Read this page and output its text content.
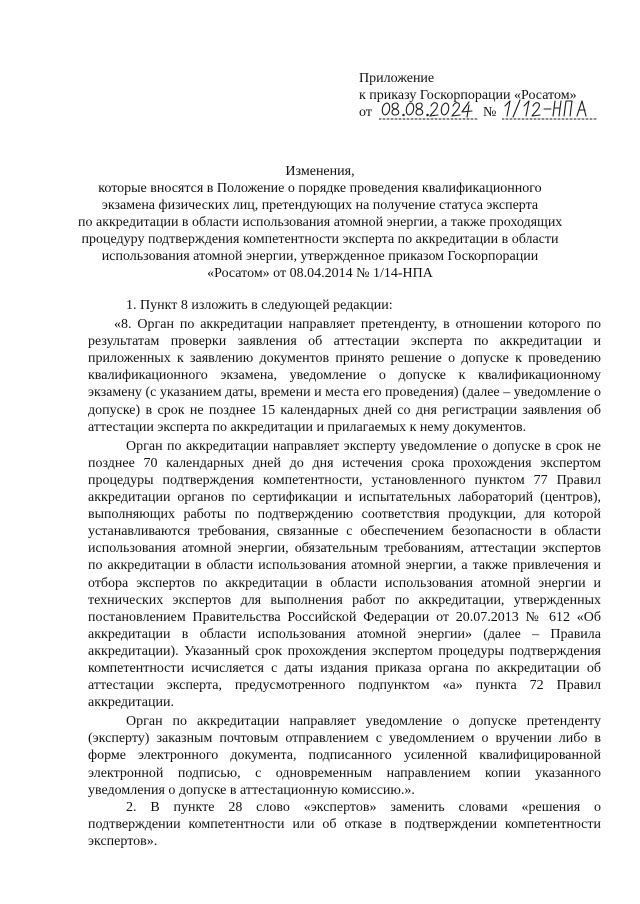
Приложение
к приказу Госкорпорации «Росатом»
от	№
Изменения,
которые вносятся в Положение о порядке проведения квалификационного
экзамена физических лиц, претендующих на получение статуса эксперта
по аккредитации в области использования атомной энергии, а также проходящих
процедуру подтверждения компетентности эксперта по аккредитации в области
использования атомной энергии, утвержденное приказом Госкорпорации
«Росатом» от 08.04.2014 № 1/14-НПА

1. Пункт 8 изложить в следующей редакции:

«8. Орган по аккредитации направляет претенденту, в отношении которого по результатам проверки заявления об аттестации эксперта по аккредитации и приложенных к заявлению документов принято решение о допуске к проведению квалификационного экзамена, уведомление о допуске к квалификационному экзамену (с указанием даты, времени и места его проведения) (далее – уведомление о допуске) в срок не позднее 15 календарных дней со дня регистрации заявления об аттестации эксперта по аккредитации и прилагаемых к нему документов.

Орган по аккредитации направляет эксперту уведомление о допуске в срок не позднее 70 календарных дней до дня истечения срока прохождения экспертом процедуры подтверждения компетентности, установленного пунктом 77 Правил аккредитации органов по сертификации и испытательных лабораторий (центров), выполняющих работы по подтверждению соответствия продукции, для которой устанавливаются требования, связанные с обеспечением безопасности в области использования атомной энергии, обязательным требованиям, аттестации экспертов по аккредитации в области использования атомной энергии, а также привлечения и отбора экспертов по аккредитации в области использования атомной энергии и технических экспертов для выполнения работ по аккредитации, утвержденных постановлением Правительства Российской Федерации от 20.07.2013 № 612 «Об аккредитации в области использования атомной энергии» (далее – Правила аккредитации). Указанный срок прохождения экспертом процедуры подтверждения компетентности исчисляется с даты издания приказа органа по аккредитации об аттестации эксперта, предусмотренного подпунктом «а» пункта 72 Правил аккредитации.

Орган по аккредитации направляет уведомление о допуске претенденту (эксперту) заказным почтовым отправлением с уведомлением о вручении либо в форме электронного документа, подписанного усиленной квалифицированной электронной подписью, с одновременным направлением копии указанного уведомления о допуске в аттестационную комиссию.».

2. В пункте 28 слово «экспертов» заменить словами «решения о подтверждении компетентности или об отказе в подтверждении компетентности экспертов».
